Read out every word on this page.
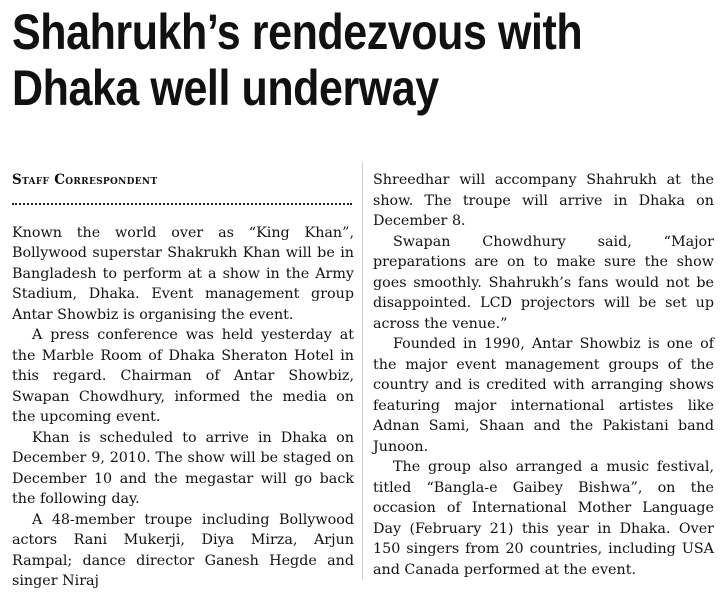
Shahrukh’s rendezvous with
Dhaka well underway
Staff Correspondent

Known the world over as “King Khan”, Bollywood superstar Shakrukh Khan will be in Bangladesh to perform at a show in the Army Stadium, Dhaka. Event management group Antar Showbiz is organising the event.

A press conference was held yesterday at the Marble Room of Dhaka Sheraton Hotel in this regard. Chairman of Antar Showbiz, Swapan Chowdhury, informed the media on the upcoming event.

Khan is scheduled to arrive in Dhaka on December 9, 2010. The show will be staged on December 10 and the megastar will go back the following day.

A 48-member troupe including Bollywood actors Rani Mukerji, Diya Mirza, Arjun Rampal; dance director Ganesh Hegde and singer Niraj

Shreedhar will accompany Shahrukh at the show. The troupe will arrive in Dhaka on December 8.

Swapan Chowdhury said, “Major preparations are on to make sure the show goes smoothly. Shahrukh’s fans would not be disappointed. LCD projectors will be set up across the venue.”

Founded in 1990, Antar Showbiz is one of the major event management groups of the country and is credited with arranging shows featuring major international artistes like Adnan Sami, Shaan and the Pakistani band Junoon.

The group also arranged a music festival, titled “Bangla-e Gaibey Bishwa”, on the occasion of International Mother Language Day (February 21) this year in Dhaka. Over 150 singers from 20 countries, including USA and Canada performed at the event.
